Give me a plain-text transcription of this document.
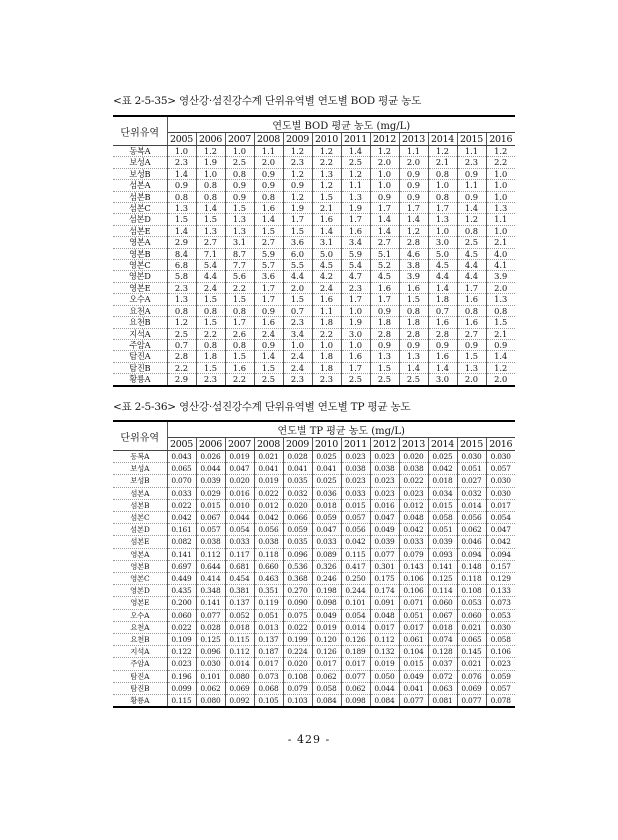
<표 2-5-35> 영산강·섬진강수계 단위유역별 연도별 BOD 평균 농도
단위유역	연도별 BOD 평균 농도 (mg/L)											
	2005	2006	2007	2008	2009	2010	2011	2012	2013	2014	2015	2016
동복A	1.0	1.2	1.0	1.1	1.2	1.2	1.4	1.2	1.1	1.2	1.1	1.2
보성A	2.3	1.9	2.5	2.0	2.3	2.2	2.5	2.0	2.0	2.1	2.3	2.2
보성B	1.4	1.0	0.8	0.9	1.2	1.3	1.2	1.0	0.9	0.8	0.9	1.0
섬본A	0.9	0.8	0.9	0.9	0.9	1.2	1.1	1.0	0.9	1.0	1.1	1.0
섬본B	0.8	0.8	0.9	0.8	1.2	1.5	1.3	0.9	0.9	0.8	0.9	1.0
섬본C	1.3	1.4	1.5	1.6	1.9	2.1	1.9	1.7	1.7	1.7	1.4	1.3
섬본D	1.5	1.5	1.3	1.4	1.7	1.6	1.7	1.4	1.4	1.3	1.2	1.1
섬본E	1.4	1.3	1.3	1.5	1.5	1.4	1.6	1.4	1.2	1.0	0.8	1.0
영본A	2.9	2.7	3.1	2.7	3.6	3.1	3.4	2.7	2.8	3.0	2.5	2.1
영본B	8.4	7.1	8.7	5.9	6.0	5.0	5.9	5.1	4.6	5.0	4.5	4.0
영본C	6.8	5.4	7.7	5.7	5.5	4.5	5.4	5.2	3.8	4.5	4.4	4.1
영본D	5.8	4.4	5.6	3.6	4.4	4.2	4.7	4.5	3.9	4.4	4.4	3.9
영본E	2.3	2.4	2.2	1.7	2.0	2.4	2.3	1.6	1.6	1.4	1.7	2.0
오수A	1.3	1.5	1.5	1.7	1.5	1.6	1.7	1.7	1.5	1.8	1.6	1.3
요천A	0.8	0.8	0.8	0.9	0.7	1.1	1.0	0.9	0.8	0.7	0.8	0.8
요천B	1.2	1.5	1.7	1.6	2.3	1.8	1.9	1.8	1.8	1.6	1.6	1.5
지석A	2.5	2.2	2.6	2.4	3.4	2.2	3.0	2.8	2.8	2.8	2.7	2.1
주암A	0.7	0.8	0.8	0.9	1.0	1.0	1.0	0.9	0.9	0.9	0.9	0.9
탐진A	2.8	1.8	1.5	1.4	2.4	1.8	1.6	1.3	1.3	1.6	1.5	1.4
탐진B	2.2	1.5	1.6	1.5	2.4	1.8	1.7	1.5	1.4	1.4	1.3	1.2
황룡A	2.9	2.3	2.2	2.5	2.3	2.3	2.5	2.5	2.5	3.0	2.0	2.0
<표 2-5-36> 영산강·섬진강수계 단위유역별 연도별 TP 평균 농도
단위유역	연도별 TP 평균 농도 (mg/L)											
	2005	2006	2007	2008	2009	2010	2011	2012	2013	2014	2015	2016
동복A	0.043	0.026	0.019	0.021	0.028	0.025	0.023	0.023	0.020	0.025	0.030	0.030
보성A	0.065	0.044	0.047	0.041	0.041	0.041	0.038	0.038	0.038	0.042	0.051	0.057
보성B	0.070	0.039	0.020	0.019	0.035	0.025	0.023	0.023	0.022	0.018	0.027	0.030
섬본A	0.033	0.029	0.016	0.022	0.032	0.036	0.033	0.023	0.023	0.034	0.032	0.030
섬본B	0.022	0.015	0.010	0.012	0.020	0.018	0.015	0.016	0.012	0.015	0.014	0.017
섬본C	0.042	0.067	0.044	0.042	0.066	0.059	0.057	0.047	0.048	0.058	0.056	0.054
섬본D	0.161	0.057	0.054	0.056	0.059	0.047	0.056	0.049	0.042	0.051	0.062	0.047
섬본E	0.082	0.038	0.033	0.038	0.035	0.033	0.042	0.039	0.033	0.039	0.046	0.042
영본A	0.141	0.112	0.117	0.118	0.096	0.089	0.115	0.077	0.079	0.093	0.094	0.094
영본B	0.697	0.644	0.681	0.660	0.536	0.326	0.417	0.301	0.143	0.141	0.148	0.157
영본C	0.449	0.414	0.454	0.463	0.368	0.246	0.250	0.175	0.106	0.125	0.118	0.129
영본D	0.435	0.348	0.381	0.351	0.270	0.198	0.244	0.174	0.106	0.114	0.108	0.133
영본E	0.200	0.141	0.137	0.119	0.090	0.098	0.101	0.091	0.071	0.060	0.053	0.073
오수A	0.060	0.077	0.052	0.051	0.075	0.049	0.054	0.048	0.051	0.067	0.060	0.053
요천A	0.022	0.028	0.018	0.013	0.022	0.019	0.014	0.017	0.017	0.018	0.021	0.030
요천B	0.109	0.125	0.115	0.137	0.199	0.120	0.126	0.112	0.061	0.074	0.065	0.058
지석A	0.122	0.096	0.112	0.187	0.224	0.126	0.189	0.132	0.104	0.128	0.145	0.106
주암A	0.023	0.030	0.014	0.017	0.020	0.017	0.017	0.019	0.015	0.037	0.021	0.023
탐진A	0.196	0.101	0.080	0.073	0.108	0.062	0.077	0.050	0.049	0.072	0.076	0.059
탐진B	0.099	0.062	0.069	0.068	0.079	0.058	0.062	0.044	0.041	0.063	0.069	0.057
황룡A	0.115	0.080	0.092	0.105	0.103	0.084	0.098	0.084	0.077	0.081	0.077	0.078
- 429 -
